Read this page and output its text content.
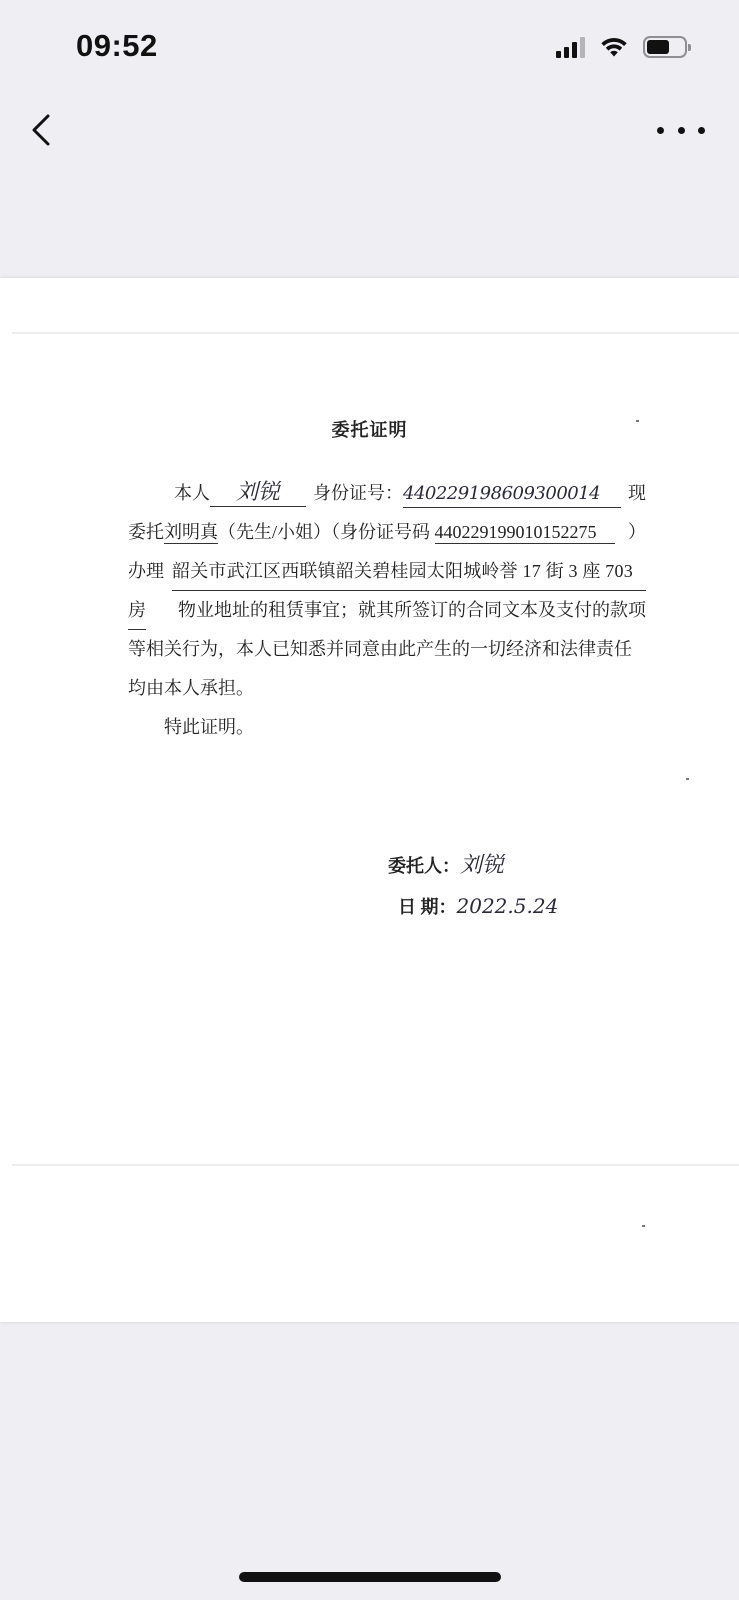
09:52
委托证明
本人 刘锐	身份证号：440229198609300014	现
委托刘明真（先生/小姐）（身份证号码 440229199010152275	）
办理 韶关市武江区西联镇韶关碧桂园太阳城岭誉 17 街 3 座 703
房 物业地址的租赁事宜；就其所签订的合同文本及支付的款项
等相关行为，本人已知悉并同意由此产生的一切经济和法律责任
均由本人承担。
特此证明。
委托人：刘锐
日 期：2022.5.24
